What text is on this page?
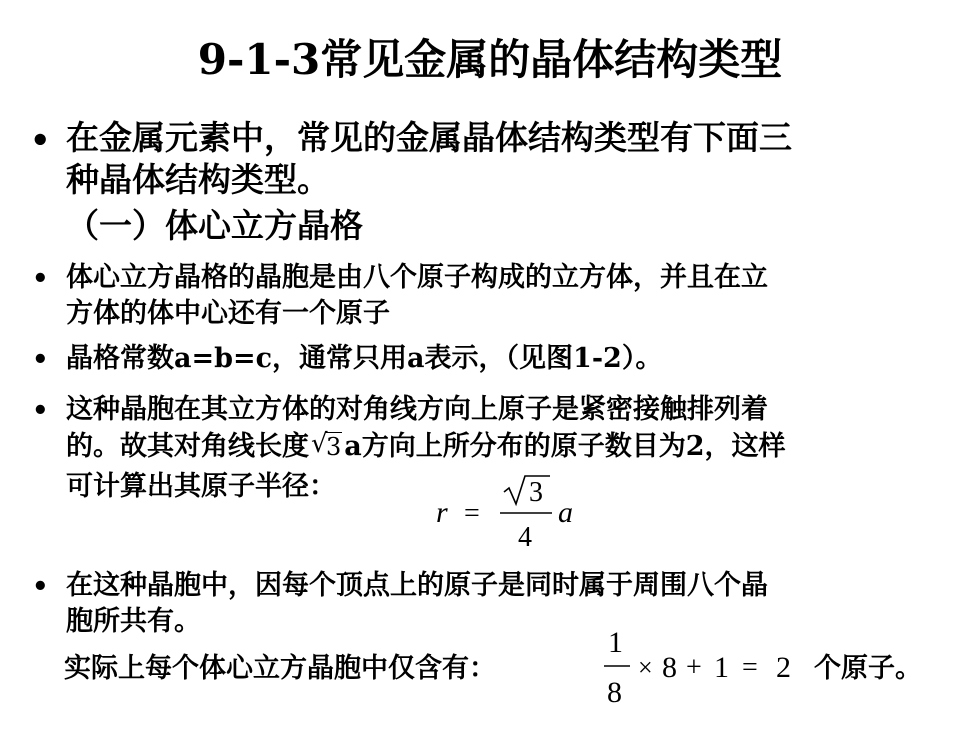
9-1-3常见金属的晶体结构类型
• 在金属元素中，常见的金属晶体结构类型有下面三
种晶体结构类型。
（一）体心立方晶格
• 体心立方晶格的晶胞是由八个原子构成的立方体，并且在立
方体的体中心还有一个原子
• 晶格常数a=b=c，通常只用a表示，（见图1-2）。
• 这种晶胞在其立方体的对角线方向上原子是紧密接触排列着
的。故其对角线长度 √
3 a方向上所分布的原子数目为2，这样
可计算出其原子半径：
r =
3
4
a
• 在这种晶胞中，因每个顶点上的原子是同时属于周围八个晶
胞所共有。
实际上每个体心立方晶胞中仅含有：
1
8
× 8 + 1 = 2 个原子。
